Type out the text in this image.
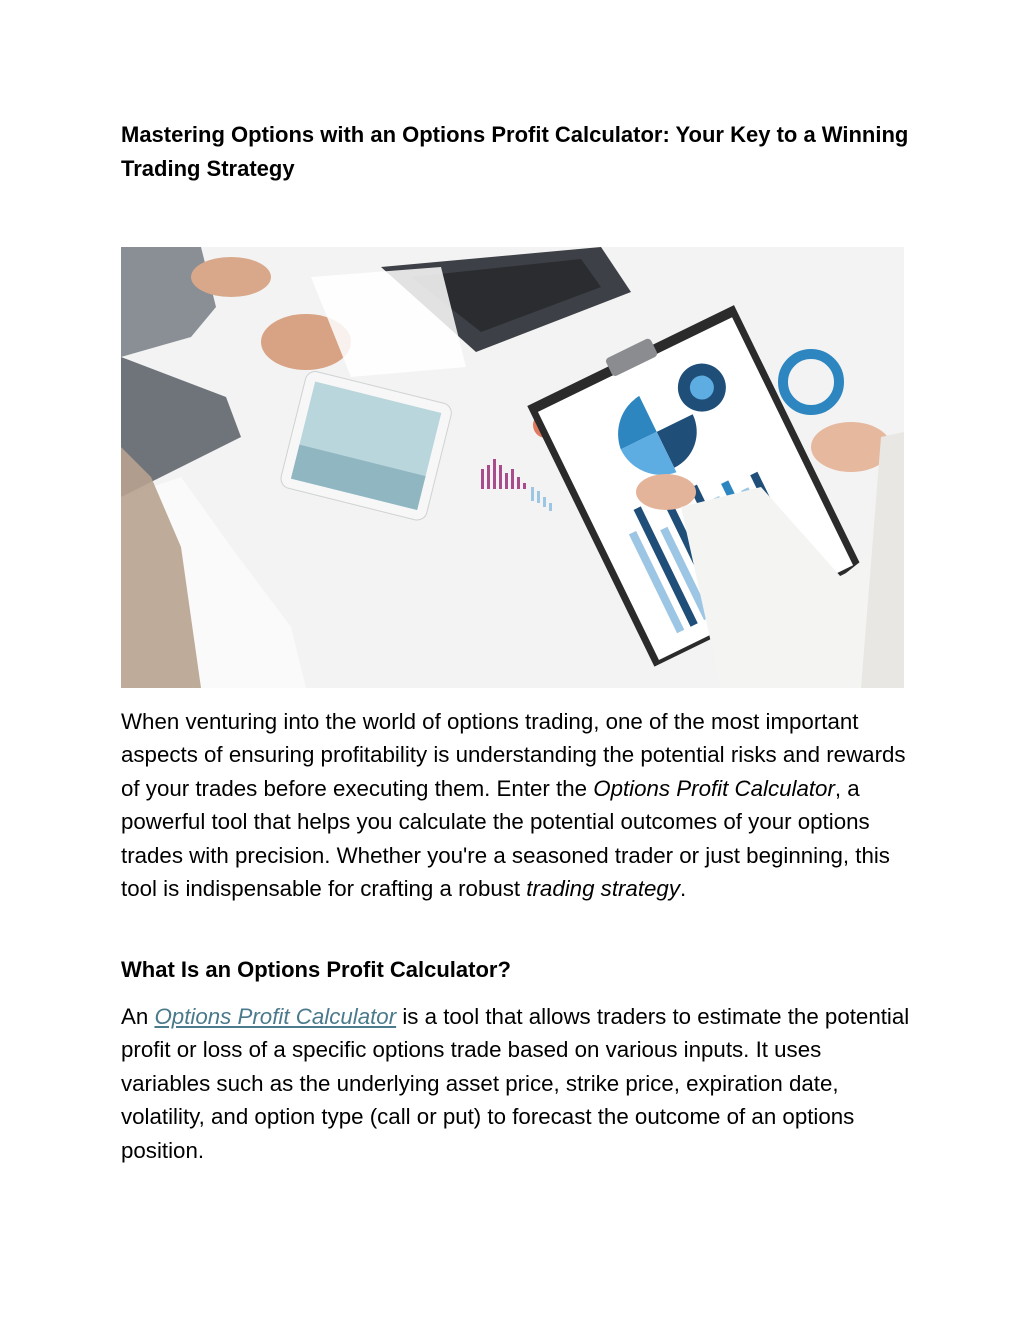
Mastering Options with an Options Profit Calculator: Your Key to a Winning Trading Strategy

When venturing into the world of options trading, one of the most important aspects of ensuring profitability is understanding the potential risks and rewards of your trades before executing them. Enter the Options Profit Calculator, a powerful tool that helps you calculate the potential outcomes of your options trades with precision. Whether you're a seasoned trader or just beginning, this tool is indispensable for crafting a robust trading strategy.

What Is an Options Profit Calculator?

An Options Profit Calculator is a tool that allows traders to estimate the potential profit or loss of a specific options trade based on various inputs. It uses variables such as the underlying asset price, strike price, expiration date, volatility, and option type (call or put) to forecast the outcome of an options position.
